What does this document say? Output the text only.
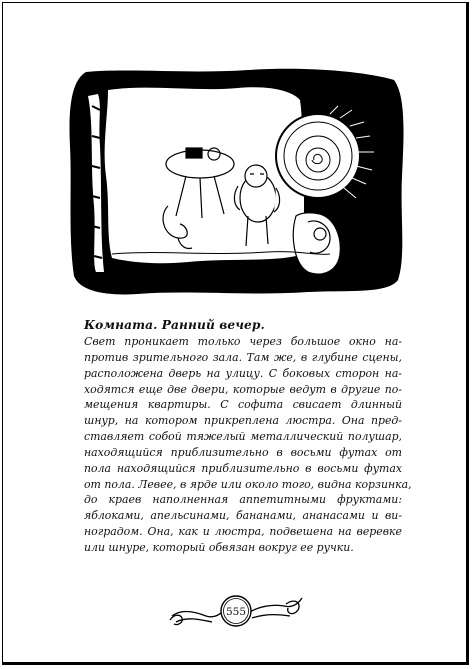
Комната. Ранний вечер.

Свет проникает только через большое окно на-
против зрительного зала. Там же, в глубине сцены,
расположена дверь на улицу. С боковых сторон на-
ходятся еще две двери, которые ведут в другие по-
мещения квартиры. С софита свисает длинный
шнур, на котором прикреплена люстра. Она пред-
ставляет собой тяжелый металлический полушар,
находящийся приблизительно в восьми футах от
пола находящийся приблизительно в восьми футах
от пола. Левее, в ярде или около того, видна корзинка,
до краев наполненная аппетитными фруктами:
яблоками, апельсинами, бананами, ананасами и ви-
ноградом. Она, как и люстра, подвешена на веревке
или шнуре, который обвязан вокруг ее ручки.

555
